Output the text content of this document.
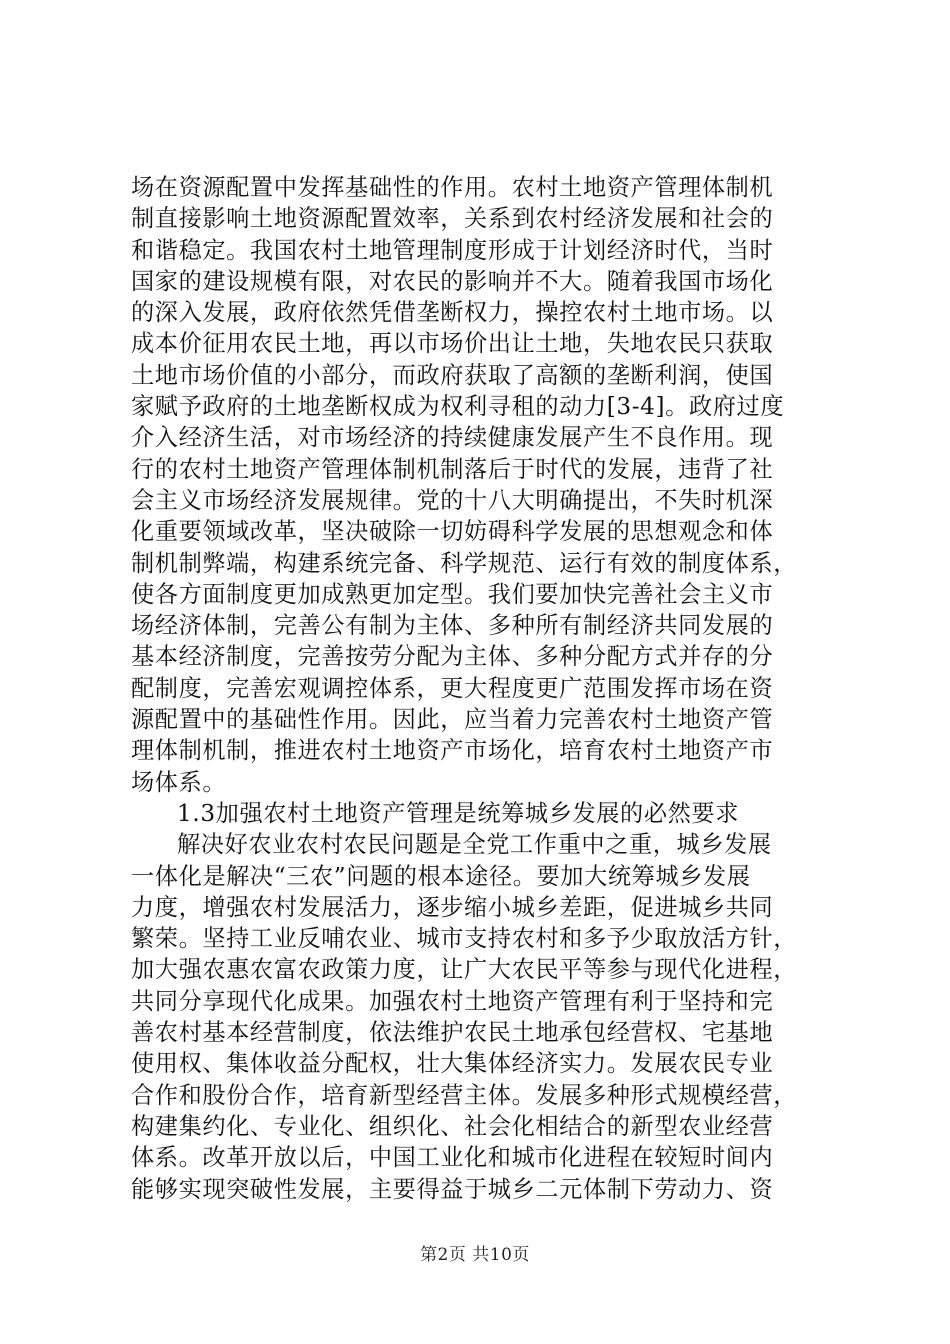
场在资源配置中发挥基础性的作用。农村土地资产管理体制机
制直接影响土地资源配置效率，关系到农村经济发展和社会的
和谐稳定。我国农村土地管理制度形成于计划经济时代，当时
国家的建设规模有限，对农民的影响并不大。随着我国市场化
的深入发展，政府依然凭借垄断权力，操控农村土地市场。以
成本价征用农民土地，再以市场价出让土地，失地农民只获取
土地市场价值的小部分，而政府获取了高额的垄断利润，使国
家赋予政府的土地垄断权成为权利寻租的动力[3-4]。政府过度
介入经济生活，对市场经济的持续健康发展产生不良作用。现
行的农村土地资产管理体制机制落后于时代的发展，违背了社
会主义市场经济发展规律。党的十八大明确提出，不失时机深
化重要领域改革，坚决破除一切妨碍科学发展的思想观念和体
制机制弊端，构建系统完备、科学规范、运行有效的制度体系，
使各方面制度更加成熟更加定型。我们要加快完善社会主义市
场经济体制，完善公有制为主体、多种所有制经济共同发展的
基本经济制度，完善按劳分配为主体、多种分配方式并存的分
配制度，完善宏观调控体系，更大程度更广范围发挥市场在资
源配置中的基础性作用。因此，应当着力完善农村土地资产管
理体制机制，推进农村土地资产市场化，培育农村土地资产市
场体系。
1.3加强农村土地资产管理是统筹城乡发展的必然要求
解决好农业农村农民问题是全党工作重中之重，城乡发展
一体化是解决“三农”问题的根本途径。要加大统筹城乡发展
力度，增强农村发展活力，逐步缩小城乡差距，促进城乡共同
繁荣。坚持工业反哺农业、城市支持农村和多予少取放活方针，
加大强农惠农富农政策力度，让广大农民平等参与现代化进程，
共同分享现代化成果。加强农村土地资产管理有利于坚持和完
善农村基本经营制度，依法维护农民土地承包经营权、宅基地
使用权、集体收益分配权，壮大集体经济实力。发展农民专业
合作和股份合作，培育新型经营主体。发展多种形式规模经营，
构建集约化、专业化、组织化、社会化相结合的新型农业经营
体系。改革开放以后，中国工业化和城市化进程在较短时间内
能够实现突破性发展，主要得益于城乡二元体制下劳动力、资
第2页 共10页
